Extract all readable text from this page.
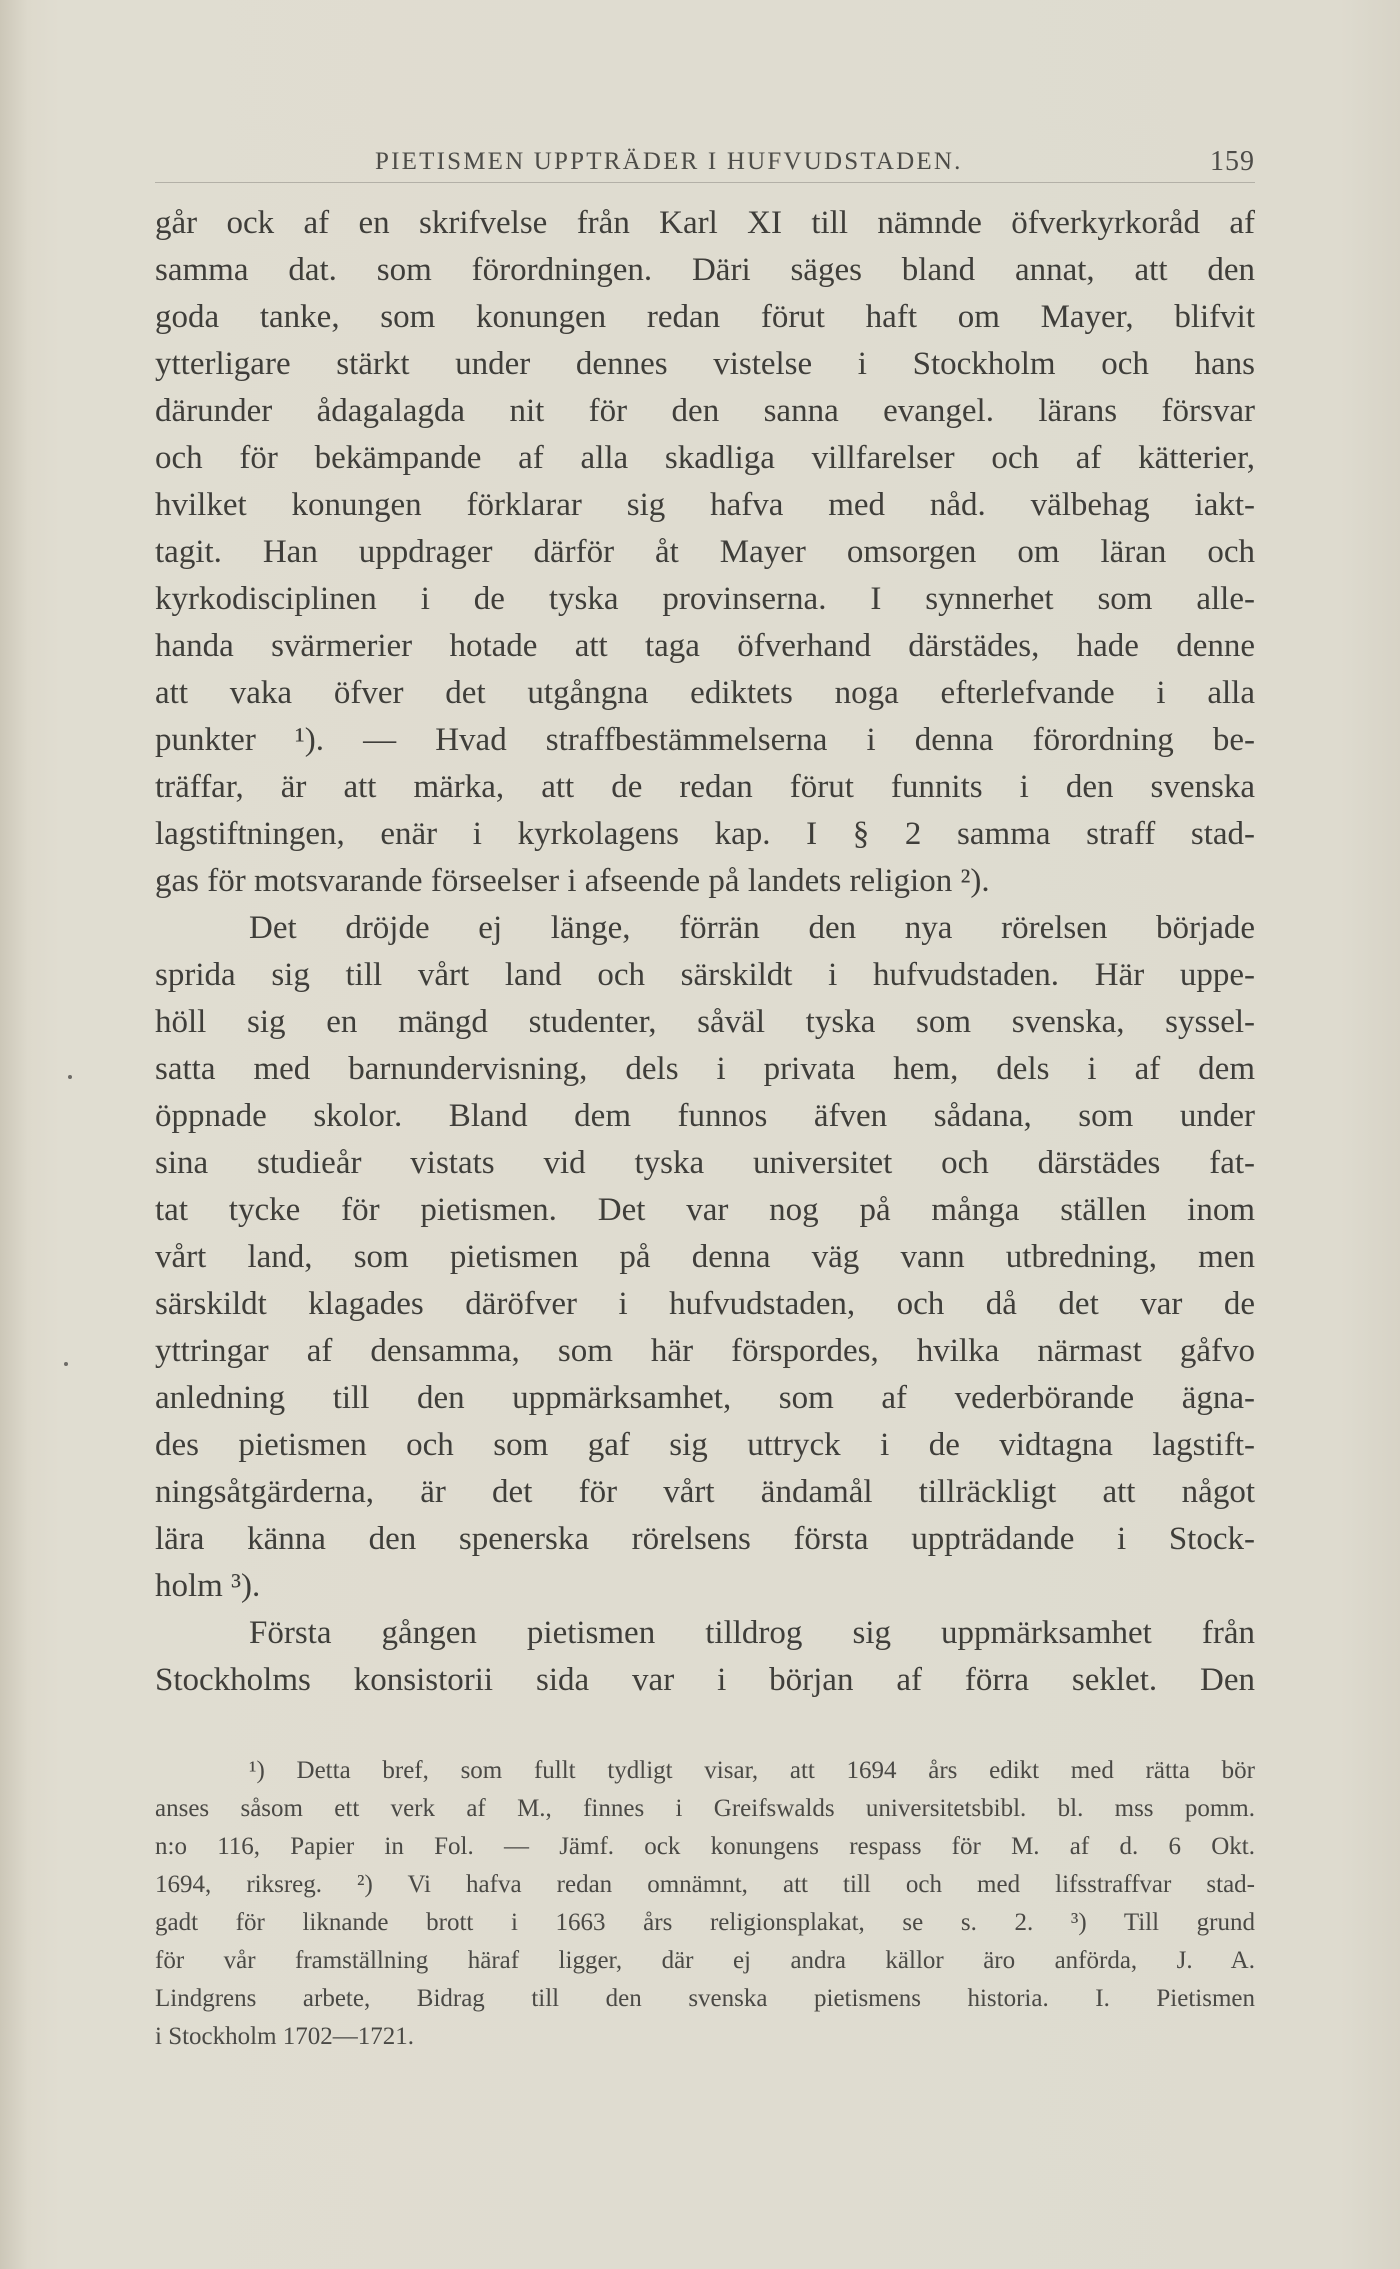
PIETISMEN UPPTRÄDER I HUFVUDSTADEN.	159
går ock af en skrifvelse från Karl XI till nämnde öfverkyrkoråd af
samma dat. som förordningen. Däri säges bland annat, att den
goda tanke, som konungen redan förut haft om Mayer, blifvit
ytterligare stärkt under dennes vistelse i Stockholm och hans
därunder ådagalagda nit för den sanna evangel. lärans försvar
och för bekämpande af alla skadliga villfarelser och af kätterier,
hvilket konungen förklarar sig hafva med nåd. välbehag iakt-
tagit. Han uppdrager därför åt Mayer omsorgen om läran och
kyrkodisciplinen i de tyska provinserna. I synnerhet som alle-
handa svärmerier hotade att taga öfverhand därstädes, hade denne
att vaka öfver det utgångna ediktets noga efterlefvande i alla
punkter ¹). — Hvad straffbestämmelserna i denna förordning be-
träffar, är att märka, att de redan förut funnits i den svenska
lagstiftningen, enär i kyrkolagens kap. I § 2 samma straff stad-
gas för motsvarande förseelser i afseende på landets religion ²).
Det dröjde ej länge, förrän den nya rörelsen började
sprida sig till vårt land och särskildt i hufvudstaden. Här uppe-
höll sig en mängd studenter, såväl tyska som svenska, syssel-
satta med barnundervisning, dels i privata hem, dels i af dem
öppnade skolor. Bland dem funnos äfven sådana, som under
sina studieår vistats vid tyska universitet och därstädes fat-
tat tycke för pietismen. Det var nog på många ställen inom
vårt land, som pietismen på denna väg vann utbredning, men
särskildt klagades däröfver i hufvudstaden, och då det var de
yttringar af densamma, som här förspordes, hvilka närmast gåfvo
anledning till den uppmärksamhet, som af vederbörande ägna-
des pietismen och som gaf sig uttryck i de vidtagna lagstift-
ningsåtgärderna, är det för vårt ändamål tillräckligt att något
lära känna den spenerska rörelsens första uppträdande i Stock-
holm ³).
Första gången pietismen tilldrog sig uppmärksamhet från
Stockholms konsistorii sida var i början af förra seklet. Den
¹) Detta bref, som fullt tydligt visar, att 1694 års edikt med rätta bör
anses såsom ett verk af M., finnes i Greifswalds universitetsbibl. bl. mss pomm.
n:o 116, Papier in Fol. — Jämf. ock konungens respass för M. af d. 6 Okt.
1694, riksreg. ²) Vi hafva redan omnämnt, att till och med lifsstraffvar stad-
gadt för liknande brott i 1663 års religionsplakat, se s. 2. ³) Till grund
för vår framställning häraf ligger, där ej andra källor äro anförda, J. A.
Lindgrens arbete, Bidrag till den svenska pietismens historia. I. Pietismen
i Stockholm 1702—1721.
